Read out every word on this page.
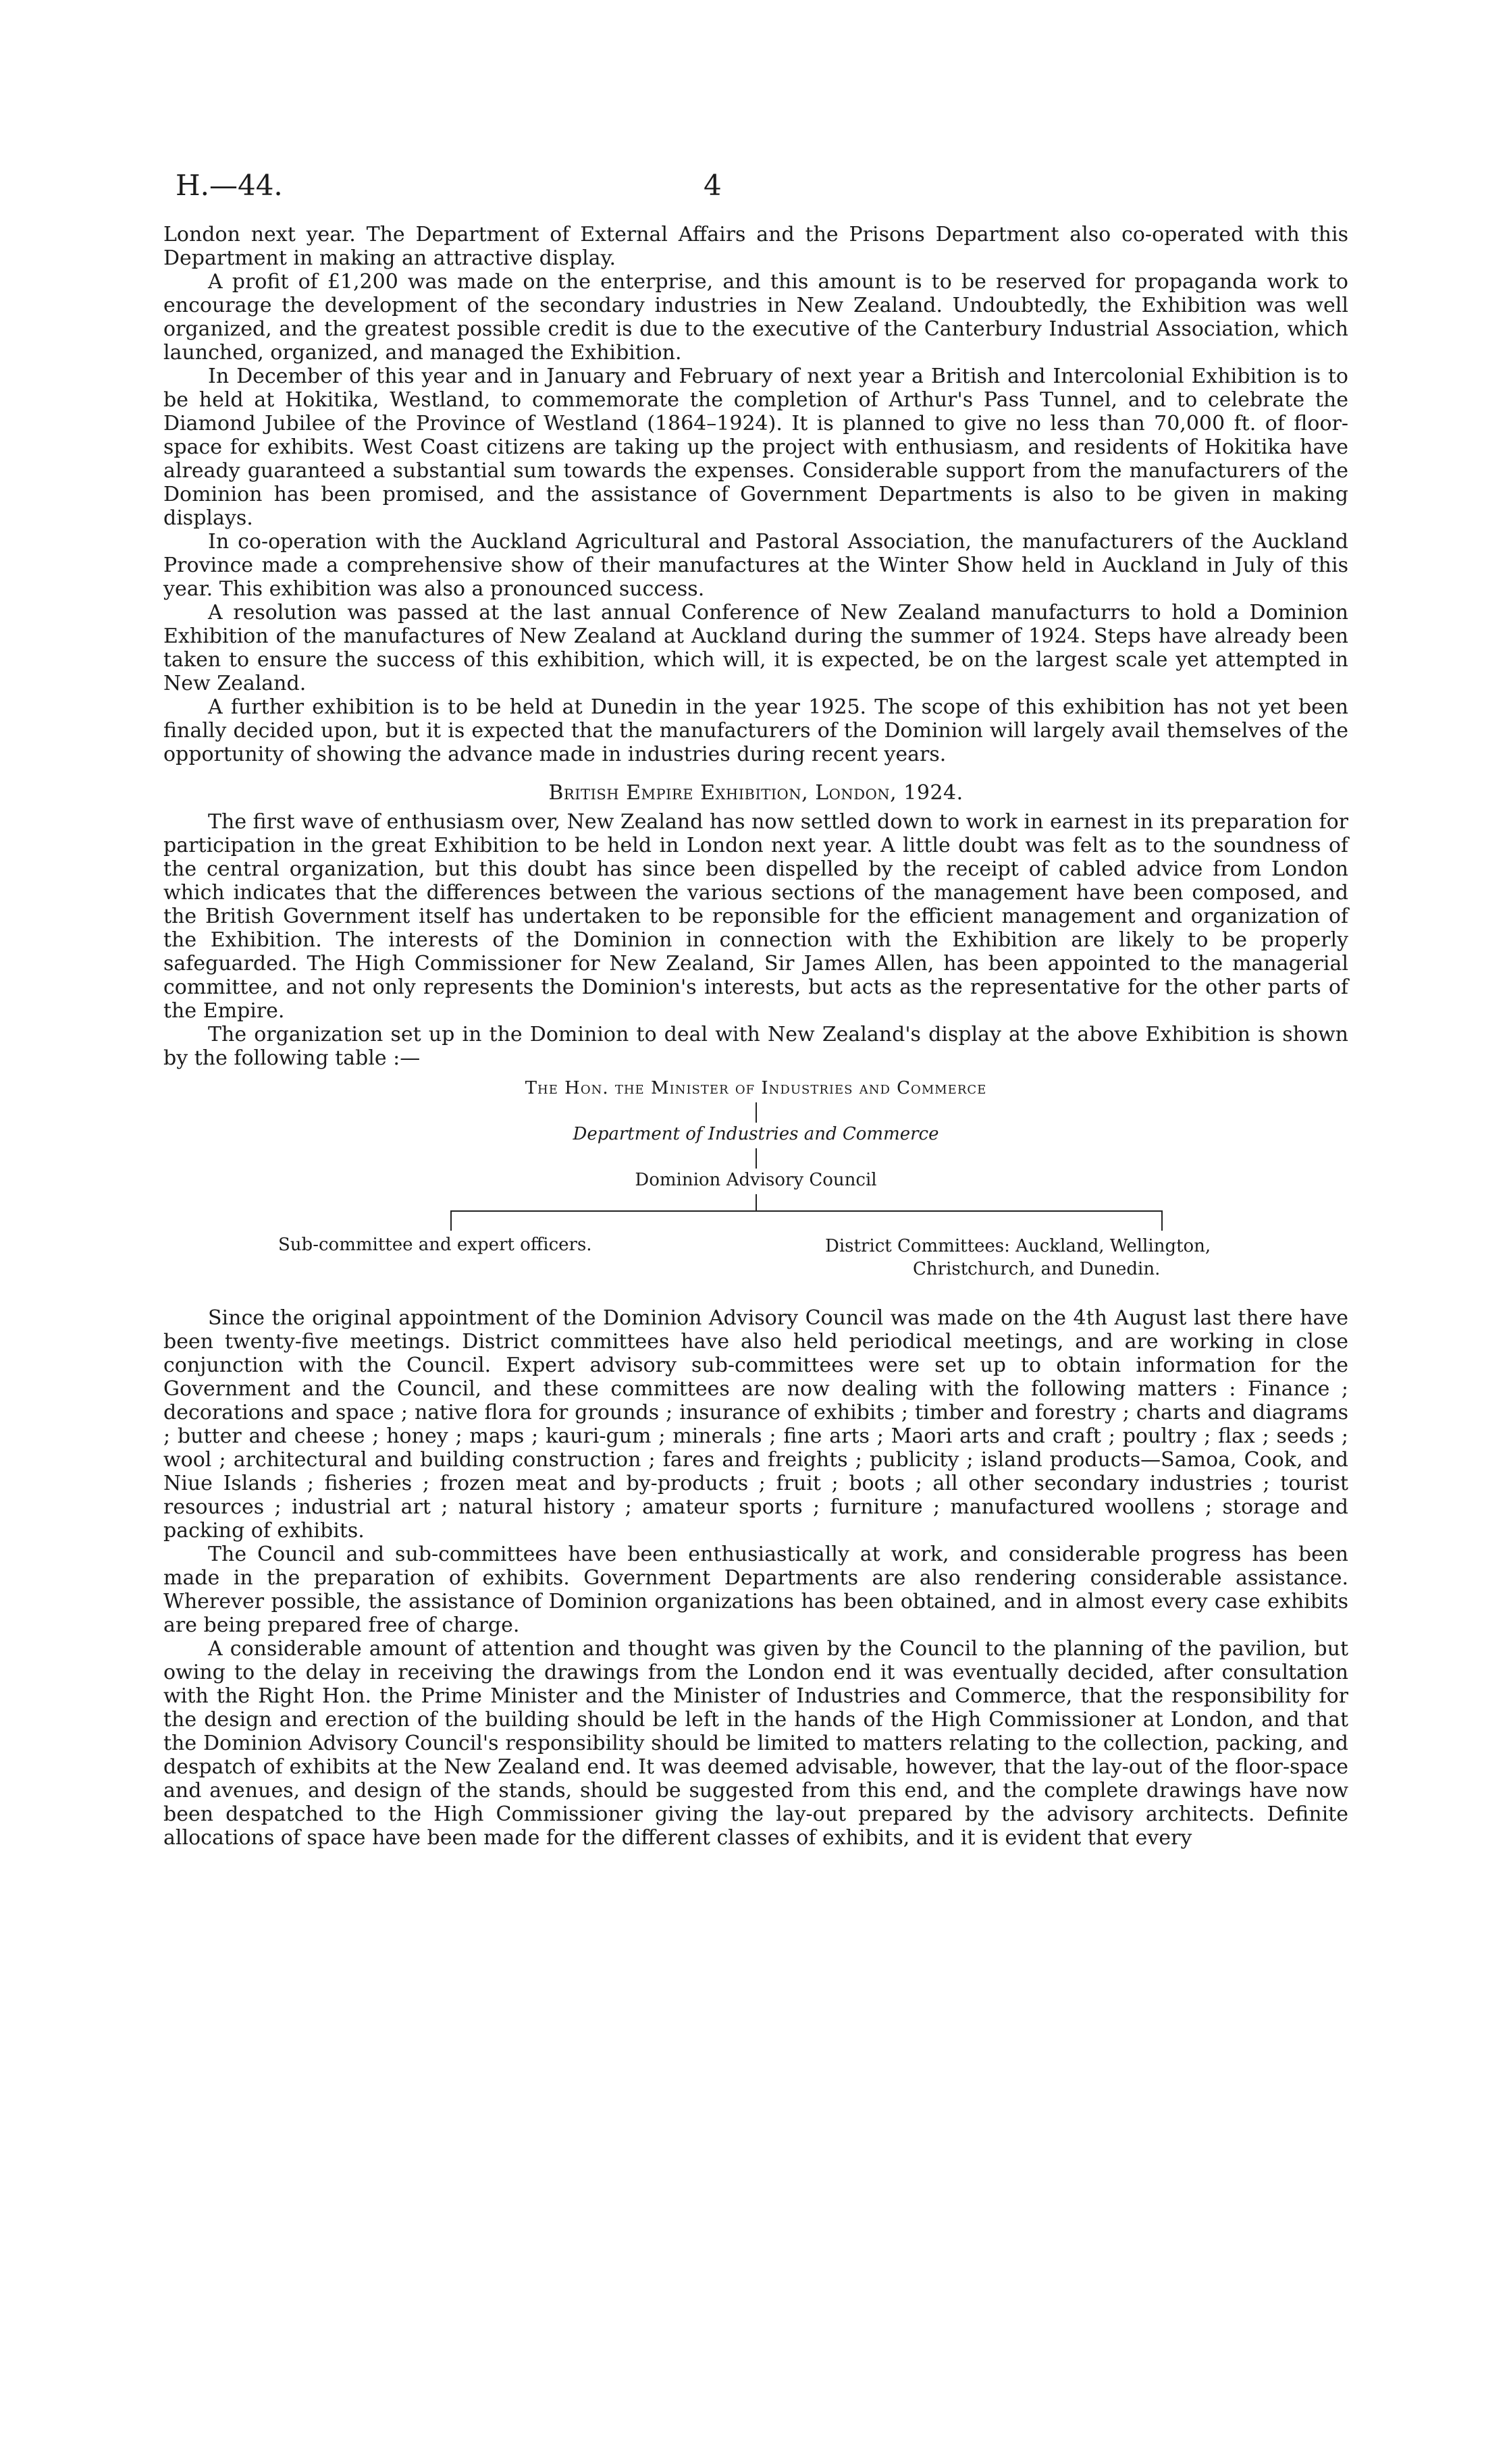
H.—44.	4

London next year. The Department of External Affairs and the Prisons Department also co-operated with this Department in making an attractive display.

A profit of £1,200 was made on the enterprise, and this amount is to be reserved for propaganda work to encourage the development of the secondary industries in New Zealand. Undoubtedly, the Exhibition was well organized, and the greatest possible credit is due to the executive of the Canterbury Industrial Association, which launched, organized, and managed the Exhibition.

In December of this year and in January and February of next year a British and Intercolonial Exhibition is to be held at Hokitika, Westland, to commemorate the completion of Arthur's Pass Tunnel, and to celebrate the Diamond Jubilee of the Province of Westland (1864–1924). It is planned to give no less than 70,000 ft. of floor-space for exhibits. West Coast citizens are taking up the project with enthusiasm, and residents of Hokitika have already guaranteed a substantial sum towards the expenses. Considerable support from the manufacturers of the Dominion has been promised, and the assistance of Government Departments is also to be given in making displays.

In co-operation with the Auckland Agricultural and Pastoral Association, the manufacturers of the Auckland Province made a comprehensive show of their manufactures at the Winter Show held in Auckland in July of this year. This exhibition was also a pronounced success.

A resolution was passed at the last annual Conference of New Zealand manufacturrs to hold a Dominion Exhibition of the manufactures of New Zealand at Auckland during the summer of 1924. Steps have already been taken to ensure the success of this exhibition, which will, it is expected, be on the largest scale yet attempted in New Zealand.

A further exhibition is to be held at Dunedin in the year 1925. The scope of this exhibition has not yet been finally decided upon, but it is expected that the manufacturers of the Dominion will largely avail themselves of the opportunity of showing the advance made in industries during recent years.

British Empire Exhibition, London, 1924.

The first wave of enthusiasm over, New Zealand has now settled down to work in earnest in its preparation for participation in the great Exhibition to be held in London next year. A little doubt was felt as to the soundness of the central organization, but this doubt has since been dispelled by the receipt of cabled advice from London which indicates that the differences between the various sections of the management have been composed, and the British Government itself has undertaken to be reponsible for the efficient management and organization of the Exhibition. The interests of the Dominion in connection with the Exhibition are likely to be properly safeguarded. The High Commissioner for New Zealand, Sir James Allen, has been appointed to the managerial committee, and not only represents the Dominion's interests, but acts as the representative for the other parts of the Empire.

The organization set up in the Dominion to deal with New Zealand's display at the above Exhibition is shown by the following table :—

The Hon. the Minister of Industries and Commerce
Department of Industries and Commerce
Dominion Advisory Council
Sub-committee and expert officers.	District Committees: Auckland, Wellington,
Christchurch, and Dunedin.

Since the original appointment of the Dominion Advisory Council was made on the 4th August last there have been twenty-five meetings. District committees have also held periodical meetings, and are working in close conjunction with the Council. Expert advisory sub-committees were set up to obtain information for the Government and the Council, and these committees are now dealing with the following matters : Finance ; decorations and space ; native flora for grounds ; insurance of exhibits ; timber and forestry ; charts and diagrams ; butter and cheese ; honey ; maps ; kauri-gum ; minerals ; fine arts ; Maori arts and craft ; poultry ; flax ; seeds ; wool ; architectural and building construction ; fares and freights ; publicity ; island products—Samoa, Cook, and Niue Islands ; fisheries ; frozen meat and by-products ; fruit ; boots ; all other secondary industries ; tourist resources ; industrial art ; natural history ; amateur sports ; furniture ; manufactured woollens ; storage and packing of exhibits.

The Council and sub-committees have been enthusiastically at work, and considerable progress has been made in the preparation of exhibits. Government Departments are also rendering considerable assistance. Wherever possible, the assistance of Dominion organizations has been obtained, and in almost every case exhibits are being prepared free of charge.

A considerable amount of attention and thought was given by the Council to the planning of the pavilion, but owing to the delay in receiving the drawings from the London end it was eventually decided, after consultation with the Right Hon. the Prime Minister and the Minister of Industries and Commerce, that the responsibility for the design and erection of the building should be left in the hands of the High Commissioner at London, and that the Dominion Advisory Council's responsibility should be limited to matters relating to the collection, packing, and despatch of exhibits at the New Zealand end. It was deemed advisable, however, that the lay-out of the floor-space and avenues, and design of the stands, should be suggested from this end, and the complete drawings have now been despatched to the High Commissioner giving the lay-out prepared by the advisory architects. Definite allocations of space have been made for the different classes of exhibits, and it is evident that every
